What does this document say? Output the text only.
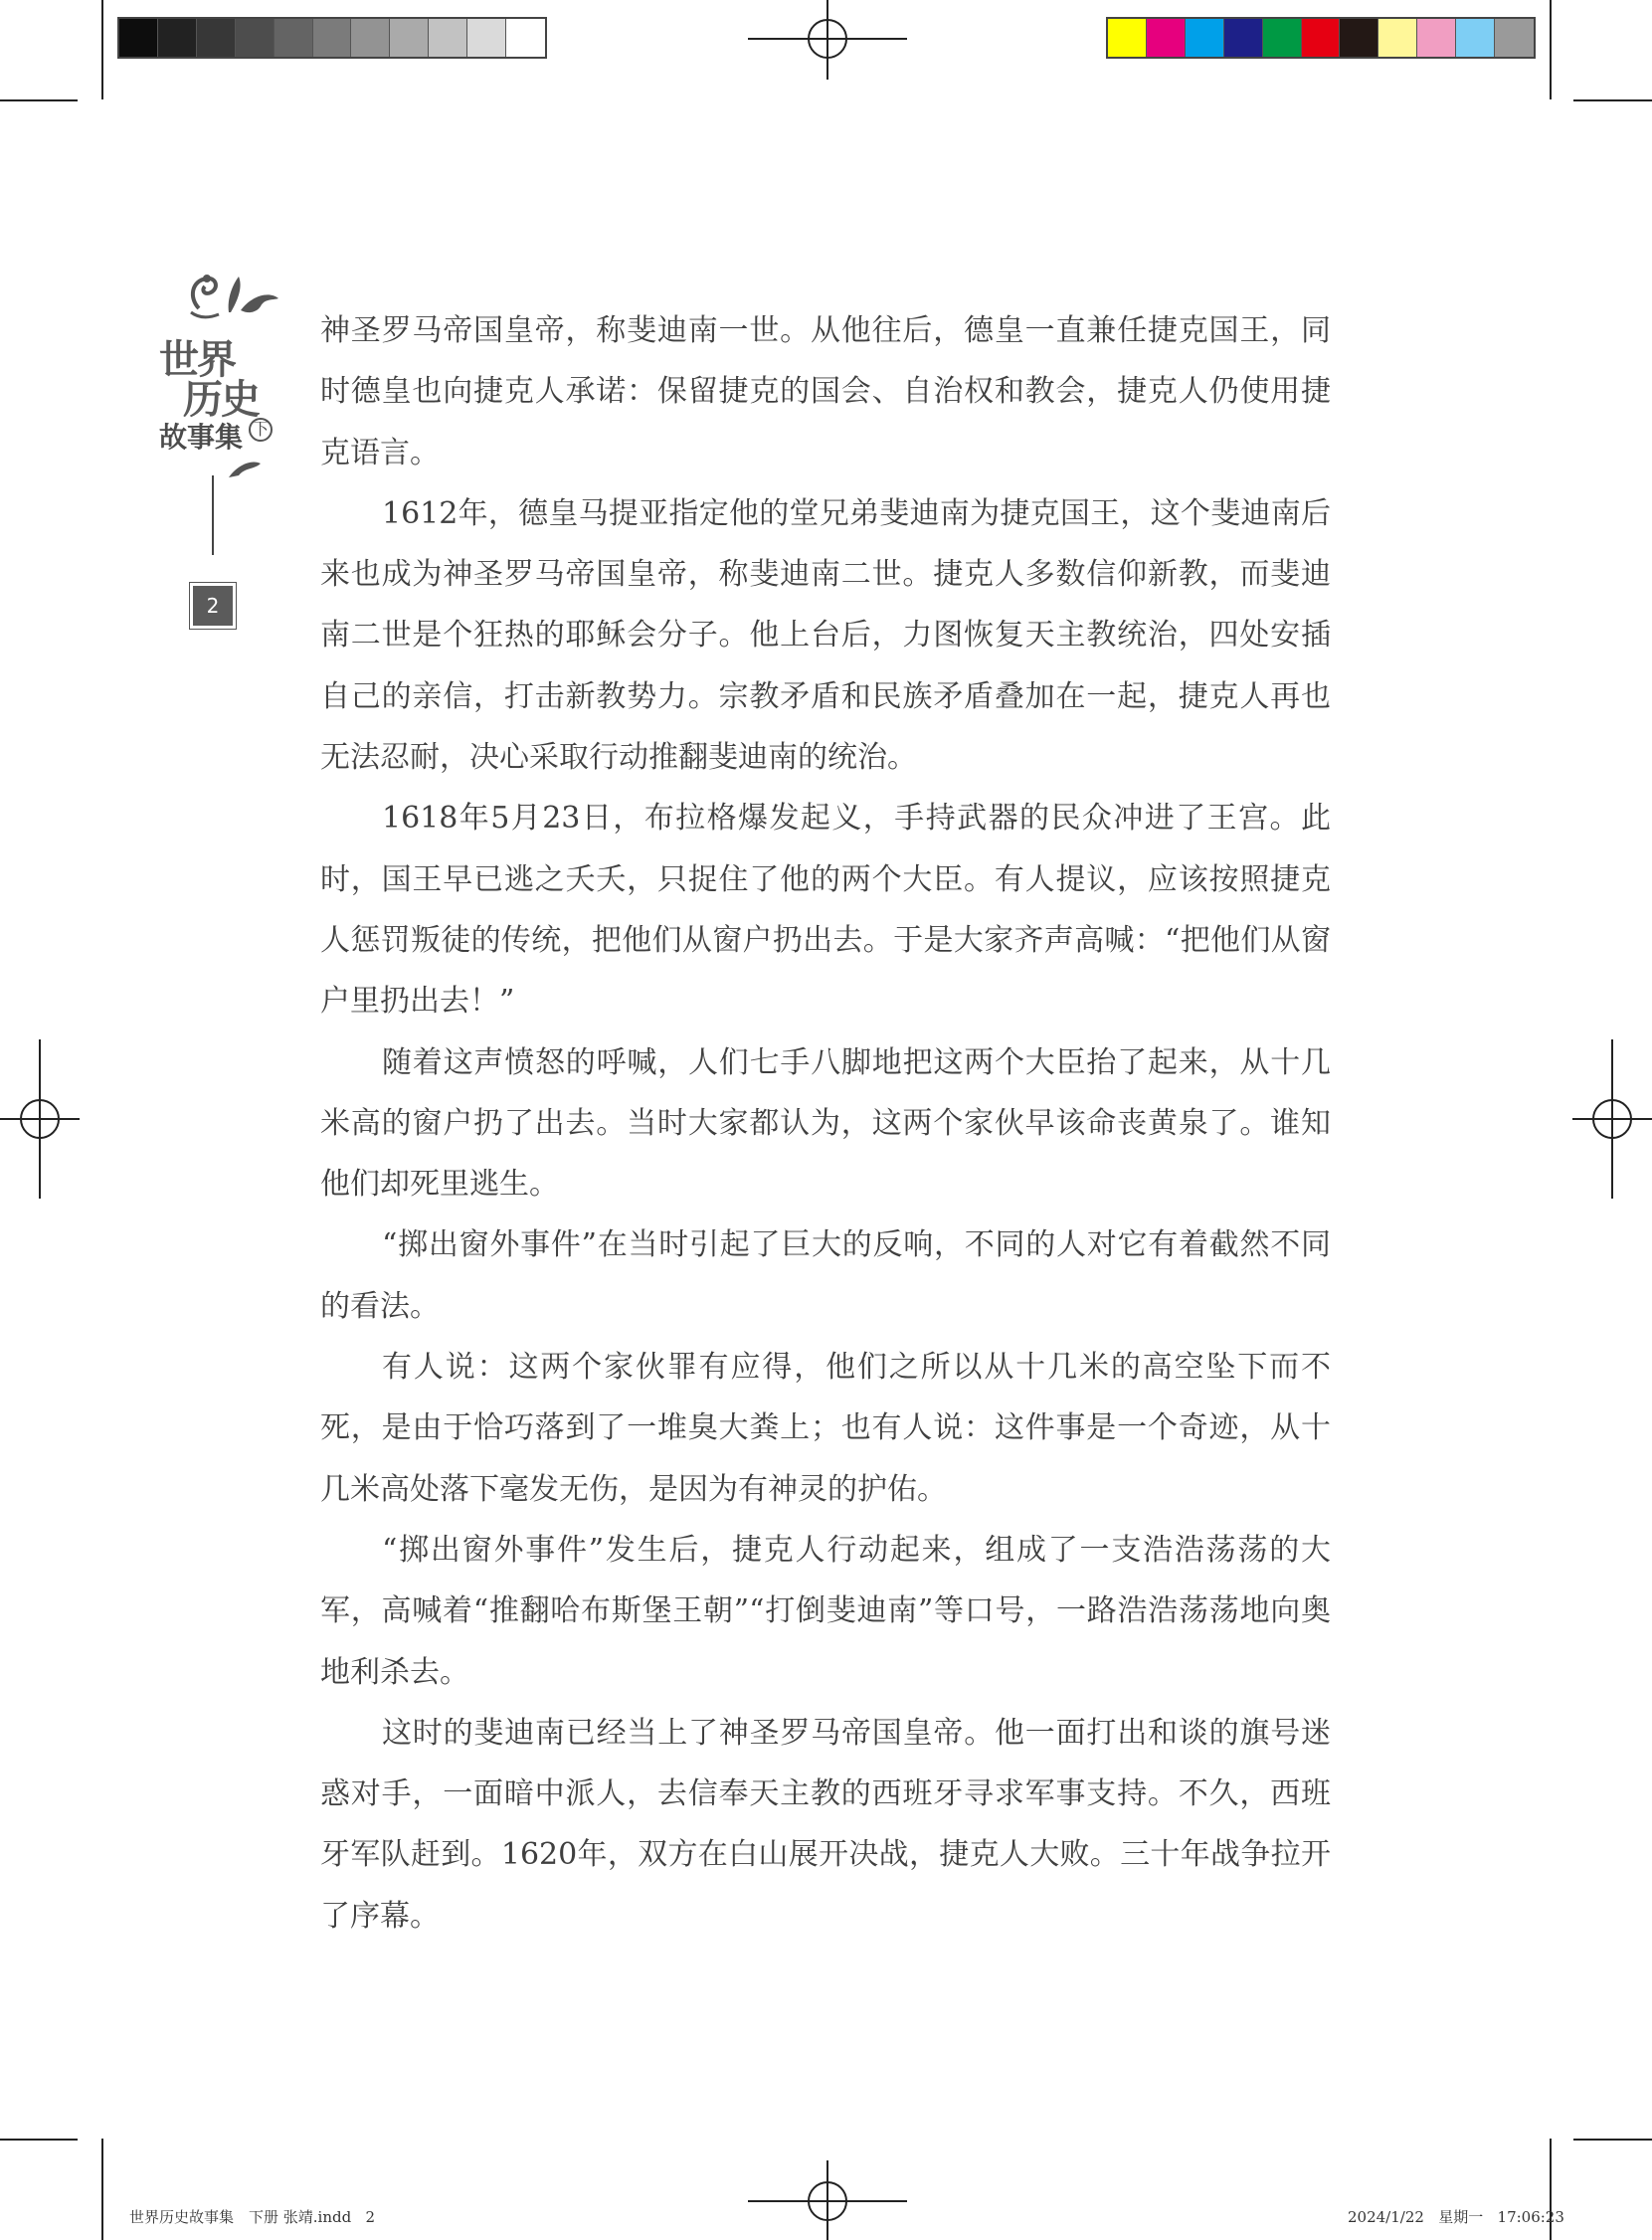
世界
历史
故事集 下
2

神圣罗马帝国皇帝，称斐迪南一世。从他往后，德皇一直兼任捷克国王，同时德皇也向捷克人承诺：保留捷克的国会、自治权和教会，捷克人仍使用捷克语言。

1612年，德皇马提亚指定他的堂兄弟斐迪南为捷克国王，这个斐迪南后来也成为神圣罗马帝国皇帝，称斐迪南二世。捷克人多数信仰新教，而斐迪南二世是个狂热的耶稣会分子。他上台后，力图恢复天主教统治，四处安插自己的亲信，打击新教势力。宗教矛盾和民族矛盾叠加在一起，捷克人再也无法忍耐，决心采取行动推翻斐迪南的统治。

1618年5月23日，布拉格爆发起义，手持武器的民众冲进了王宫。此时，国王早已逃之夭夭，只捉住了他的两个大臣。有人提议，应该按照捷克人惩罚叛徒的传统，把他们从窗户扔出去。于是大家齐声高喊：“把他们从窗户里扔出去！”

随着这声愤怒的呼喊，人们七手八脚地把这两个大臣抬了起来，从十几米高的窗户扔了出去。当时大家都认为，这两个家伙早该命丧黄泉了。谁知他们却死里逃生。

“掷出窗外事件”在当时引起了巨大的反响，不同的人对它有着截然不同的看法。

有人说：这两个家伙罪有应得，他们之所以从十几米的高空坠下而不死，是由于恰巧落到了一堆臭大粪上；也有人说：这件事是一个奇迹，从十几米高处落下毫发无伤，是因为有神灵的护佑。

“掷出窗外事件”发生后，捷克人行动起来，组成了一支浩浩荡荡的大军，高喊着“推翻哈布斯堡王朝”“打倒斐迪南”等口号，一路浩浩荡荡地向奥地利杀去。

这时的斐迪南已经当上了神圣罗马帝国皇帝。他一面打出和谈的旗号迷惑对手，一面暗中派人，去信奉天主教的西班牙寻求军事支持。不久，西班牙军队赶到。1620年，双方在白山展开决战，捷克人大败。三十年战争拉开了序幕。

世界历史故事集　下册 张靖.indd   2	2024/1/22   星期一   17:06:23
